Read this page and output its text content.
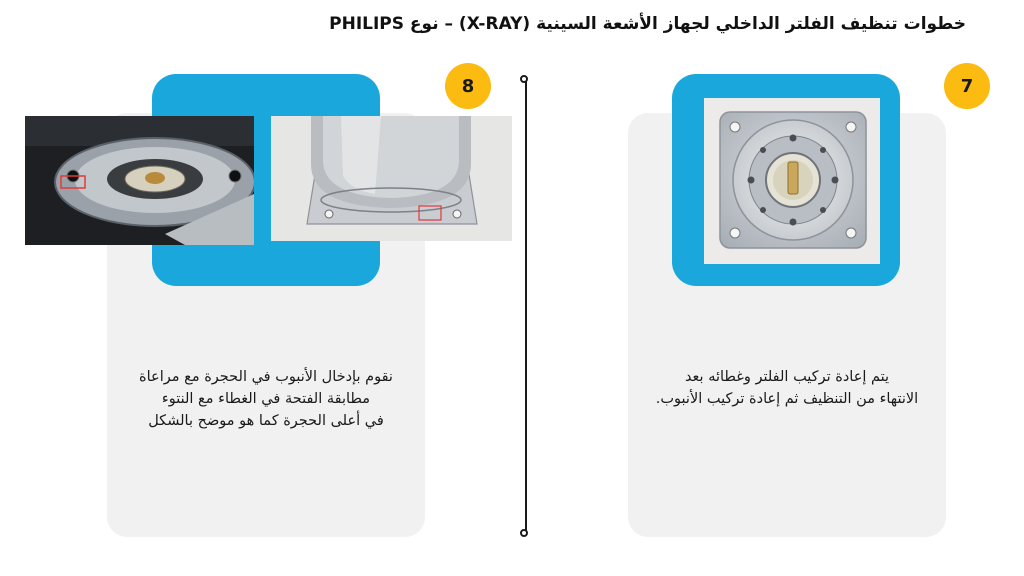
خطوات تنظيف الفلتر الداخلي لجهاز الأشعة السينية (X-RAY) – نوع PHILIPS
7
يتم إعادة تركيب الفلتر وغطائه بعد
الانتهاء من التنظيف ثم إعادة تركيب الأنبوب.
8
نقوم بإدخال الأنبوب في الحجرة مع مراعاة
مطابقة الفتحة في الغطاء مع النتوء
في أعلى الحجرة كما هو موضح بالشكل
